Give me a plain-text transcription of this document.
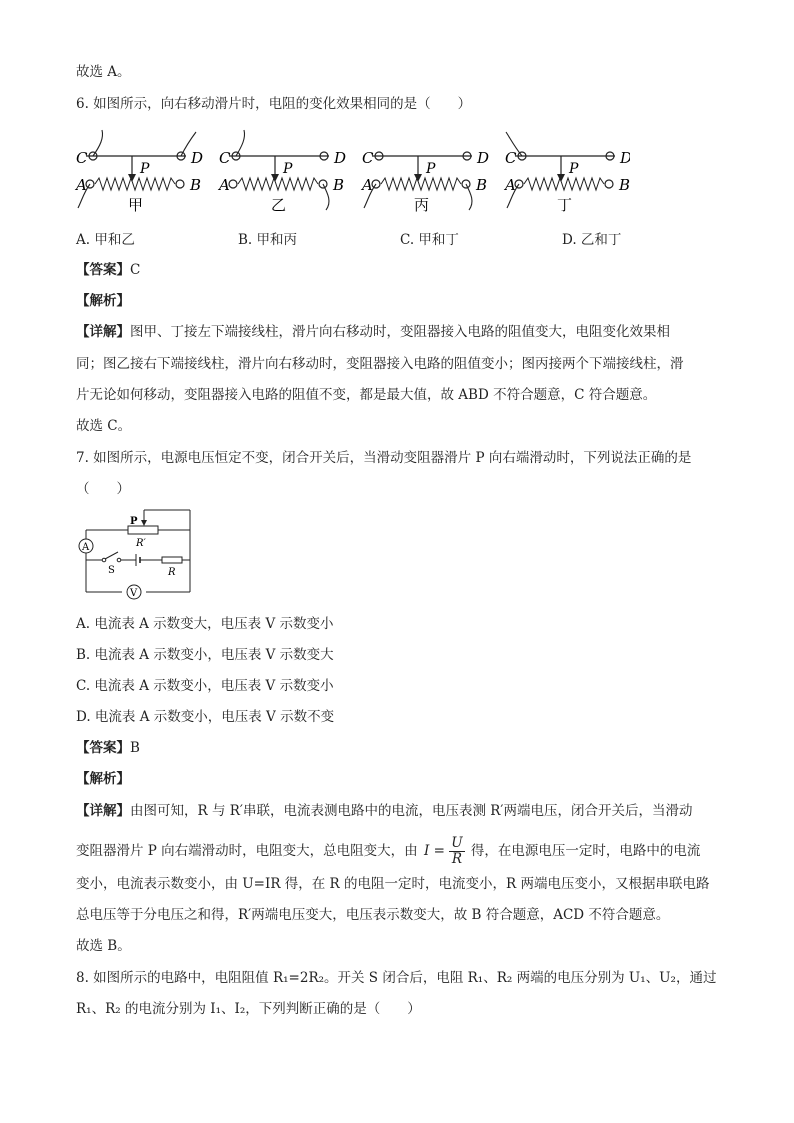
故选 A。
6. 如图所示，向右移动滑片时，电阻的变化效果相同的是（　　）
C	D
P
A	B
甲	乙	丙	丁
A. 甲和乙	B. 甲和丙	C. 甲和丁	D. 乙和丁
【答案】C
【解析】
【详解】图甲、丁接左下端接线柱，滑片向右移动时，变阻器接入电路的阻值变大，电阻变化效果相
同；图乙接右下端接线柱，滑片向右移动时，变阻器接入电路的阻值变小；图丙接两个下端接线柱，滑
片无论如何移动，变阻器接入电路的阻值不变，都是最大值，故 ABD 不符合题意，C 符合题意。
故选 C。
7. 如图所示，电源电压恒定不变，闭合开关后，当滑动变阻器滑片 P 向右端滑动时，下列说法正确的是
（　　）
P
R′
A
S	R
V
A. 电流表 A 示数变大，电压表 V 示数变小
B. 电流表 A 示数变小，电压表 V 示数变大
C. 电流表 A 示数变小，电压表 V 示数变小
D. 电流表 A 示数变小，电压表 V 示数不变
【答案】B
【解析】
【详解】由图可知，R 与 R′串联，电流表测电路中的电流，电压表测 R′两端电压，闭合开关后，当滑动
变阻器滑片 P 向右端滑动时，电阻变大，总电阻变大，由 $I = \frac{U}{R}$ 得，在电源电压一定时，电路中的电流
变小，电流表示数变小，由 U=IR 得，在 R 的电阻一定时，电流变小，R 两端电压变小，又根据串联电路
总电压等于分电压之和得，R′两端电压变大，电压表示数变大，故 B 符合题意，ACD 不符合题意。
故选 B。
8. 如图所示的电路中，电阻阻值 R₁=2R₂。开关 S 闭合后，电阻 R₁、R₂ 两端的电压分别为 U₁、U₂，通过
R₁、R₂ 的电流分别为 I₁、I₂，下列判断正确的是（　　）
